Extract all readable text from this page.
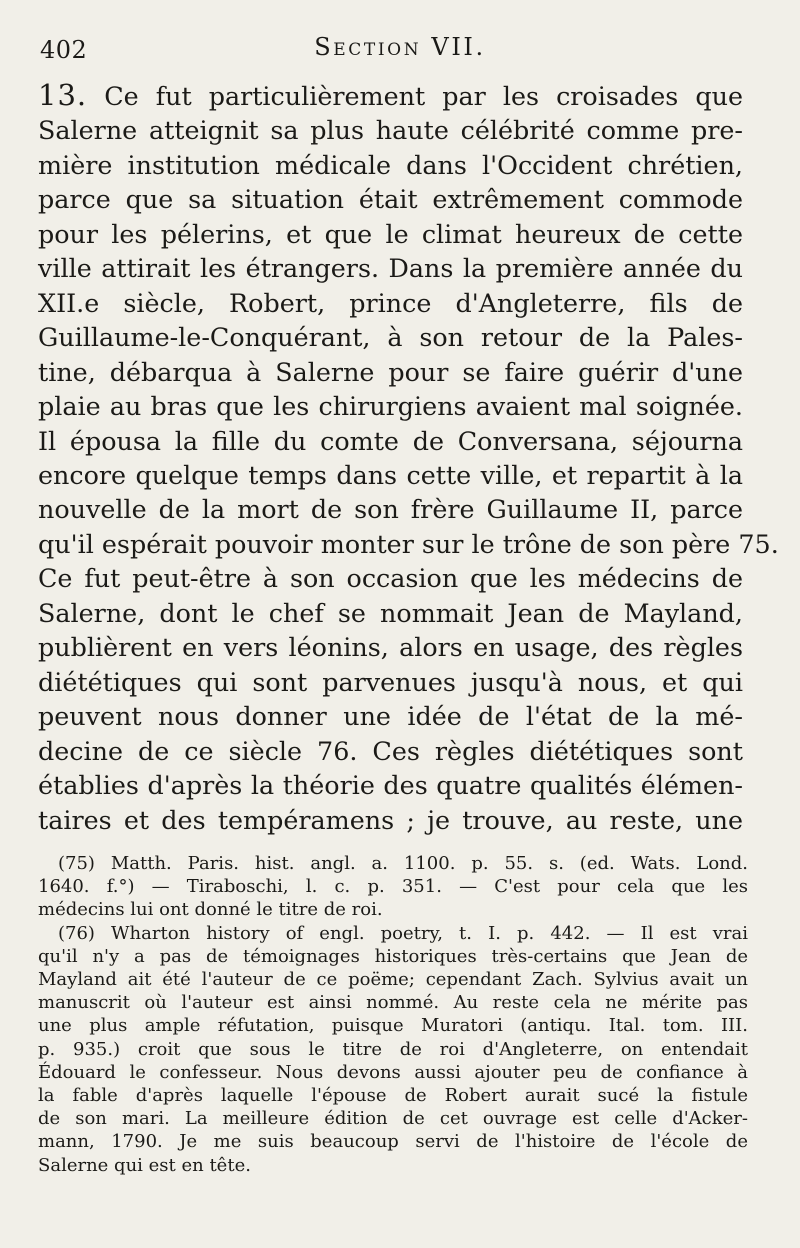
402	Section VII.
13. Ce fut particulièrement par les croisades que
Salerne atteignit sa plus haute célébrité comme pre-
mière institution médicale dans l'Occident chrétien,
parce que sa situation était extrêmement commode
pour les pélerins, et que le climat heureux de cette
ville attirait les étrangers. Dans la première année du
XII.e siècle, Robert, prince d'Angleterre, fils de
Guillaume-le-Conquérant, à son retour de la Pales-
tine, débarqua à Salerne pour se faire guérir d'une
plaie au bras que les chirurgiens avaient mal soignée.
Il épousa la fille du comte de Conversana, séjourna
encore quelque temps dans cette ville, et repartit à la
nouvelle de la mort de son frère Guillaume II, parce
qu'il espérait pouvoir monter sur le trône de son père 75.
Ce fut peut-être à son occasion que les médecins de
Salerne, dont le chef se nommait Jean de Mayland,
publièrent en vers léonins, alors en usage, des règles
diététiques qui sont parvenues jusqu'à nous, et qui
peuvent nous donner une idée de l'état de la mé-
decine de ce siècle 76. Ces règles diététiques sont
établies d'après la théorie des quatre qualités élémen-
taires et des tempéramens ; je trouve, au reste, une
(75) Matth. Paris. hist. angl. a. 1100. p. 55. s. (ed. Wats. Lond.
1640. f.°) — Tiraboschi, l. c. p. 351. — C'est pour cela que les
médecins lui ont donné le titre de roi.
(76) Wharton history of engl. poetry, t. I. p. 442. — Il est vrai
qu'il n'y a pas de témoignages historiques très-certains que Jean de
Mayland ait été l'auteur de ce poëme; cependant Zach. Sylvius avait un
manuscrit où l'auteur est ainsi nommé. Au reste cela ne mérite pas
une plus ample réfutation, puisque Muratori (antiqu. Ital. tom. III.
p. 935.) croit que sous le titre de roi d'Angleterre, on entendait
Édouard le confesseur. Nous devons aussi ajouter peu de confiance à
la fable d'après laquelle l'épouse de Robert aurait sucé la fistule
de son mari. La meilleure édition de cet ouvrage est celle d'Acker-
mann, 1790. Je me suis beaucoup servi de l'histoire de l'école de
Salerne qui est en tête.
